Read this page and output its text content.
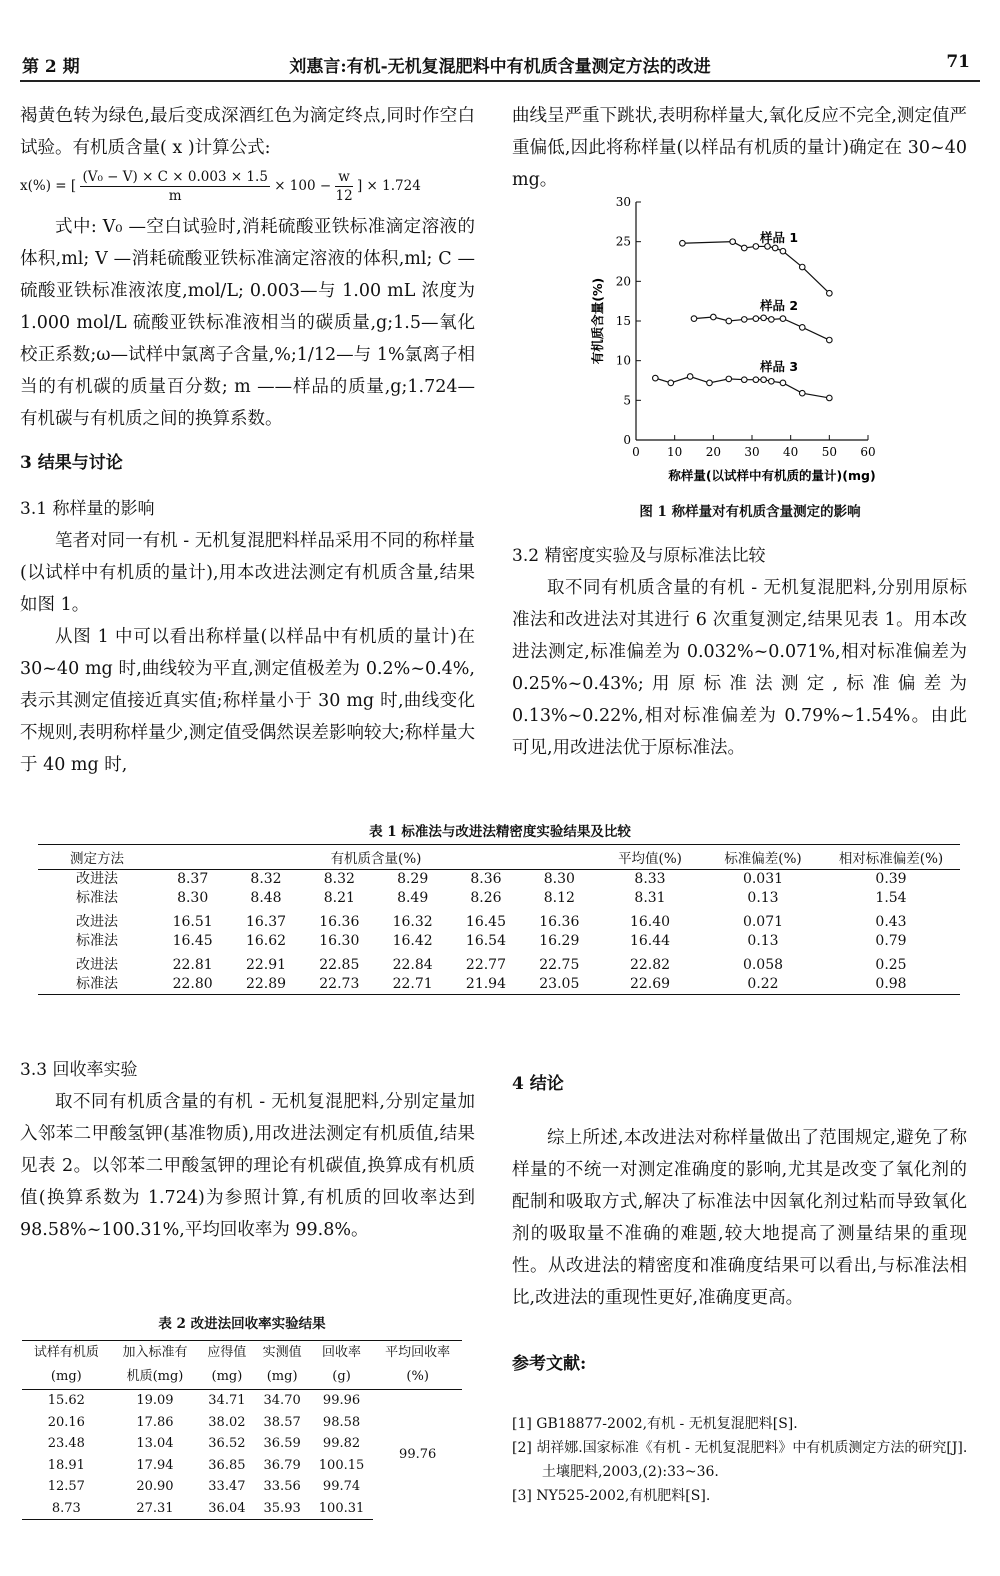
第 2 期	刘惠言:有机-无机复混肥料中有机质含量测定方法的改进	71

褐黄色转为绿色,最后变成深酒红色为滴定终点,同时作空白试验。有机质含量( x )计算公式:

x(%) = [ $\frac{\text{(V₀ − V) × C × 0.003 × 1.5}}{m} \times 100 - \frac{w}{12}$ ] × 1.724

式中: V₀ —空白试验时,消耗硫酸亚铁标准滴定溶液的体积,ml; V —消耗硫酸亚铁标准滴定溶液的体积,ml; C —硫酸亚铁标准液浓度,mol/L; 0.003—与 1.00 mL 浓度为 1.000 mol/L 硫酸亚铁标准液相当的碳质量,g;1.5—氧化校正系数;ω—试样中氯离子含量,%;1/12—与 1%氯离子相当的有机碳的质量百分数; m ——样品的质量,g;1.724—有机碳与有机质之间的换算系数。

3 结果与讨论
3.1 称样量的影响

笔者对同一有机 - 无机复混肥料样品采用不同的称样量(以试样中有机质的量计),用本改进法测定有机质含量,结果如图 1。

从图 1 中可以看出称样量(以样品中有机质的量计)在 30~40 mg 时,曲线较为平直,测定值极差为 0.2%~0.4%,表示其测定值接近真实值;称样量小于 30 mg 时,曲线变化不规则,表明称样量少,测定值受偶然误差影响较大;称样量大于 40 mg 时,

曲线呈严重下跳状,表明称样量大,氧化反应不完全,测定值严重偏低,因此将称样量(以样品有机质的量计)确定在 30~40 mg。

0
5
10
15
20
25
30
0 10 20 30 40 50 60
称样量(以试样中有机质的量计)(mg)
有机质含量(%)
样品 1
样品 2
样品 3
图 1 称样量对有机质含量测定的影响
3.2 精密度实验及与原标准法比较

取不同有机质含量的有机 - 无机复混肥料,分别用原标准法和改进法对其进行 6 次重复测定,结果见表 1。用本改进法测定,标准偏差为 0.032%~0.071%,相对标准偏差为 0.25%~0.43%;用原标准法测定,标准偏差为 0.13%~0.22%,相对标准偏差为 0.79%~1.54%。由此可见,用改进法优于原标准法。

表 1 标准法与改进法精密度实验结果及比较
测定方法	有机质含量(%)						平均值(%)	标准偏差(%)	相对标准偏差(%)
改进法	8.37	8.32	8.32	8.29	8.36	8.30	8.33	0.031	0.39
标准法	8.30	8.48	8.21	8.49	8.26	8.12	8.31	0.13	1.54
改进法	16.51	16.37	16.36	16.32	16.45	16.36	16.40	0.071	0.43
标准法	16.45	16.62	16.30	16.42	16.54	16.29	16.44	0.13	0.79
改进法	22.81	22.91	22.85	22.84	22.77	22.75	22.82	0.058	0.25
标准法	22.80	22.89	22.73	22.71	21.94	23.05	22.69	0.22	0.98
3.3 回收率实验

取不同有机质含量的有机 - 无机复混肥料,分别定量加入邻苯二甲酸氢钾(基准物质),用改进法测定有机质值,结果见表 2。以邻苯二甲酸氢钾的理论有机碳值,换算成有机质值(换算系数为 1.724)为参照计算,有机质的回收率达到 98.58%~100.31%,平均回收率为 99.8%。

表 2 改进法回收率实验结果
试样有机质	加入标准有	应得值	实测值	回收率	平均回收率
(mg)	机质(mg)	(mg)	(mg)	(g)	(%)
15.62	19.09	34.71	34.70	99.96	99.76
20.16	17.86	38.02	38.57	98.58	
23.48	13.04	36.52	36.59	99.82	
18.91	17.94	36.85	36.79	100.15	
12.57	20.90	33.47	33.56	99.74	
8.73	27.31	36.04	35.93	100.31	
4 结论

综上所述,本改进法对称样量做出了范围规定,避免了称样量的不统一对测定准确度的影响,尤其是改变了氧化剂的配制和吸取方式,解决了标准法中因氧化剂过粘而导致氧化剂的吸取量不准确的难题,较大地提高了测量结果的重现性。从改进法的精密度和准确度结果可以看出,与标准法相比,改进法的重现性更好,准确度更高。

参考文献:
[1] GB18877-2002,有机 - 无机复混肥料[S].
[2] 胡祥娜.国家标准《有机 - 无机复混肥料》中有机质测定方法的研究[J].土壤肥料,2003,(2):33~36.
[3] NY525-2002,有机肥料[S].
